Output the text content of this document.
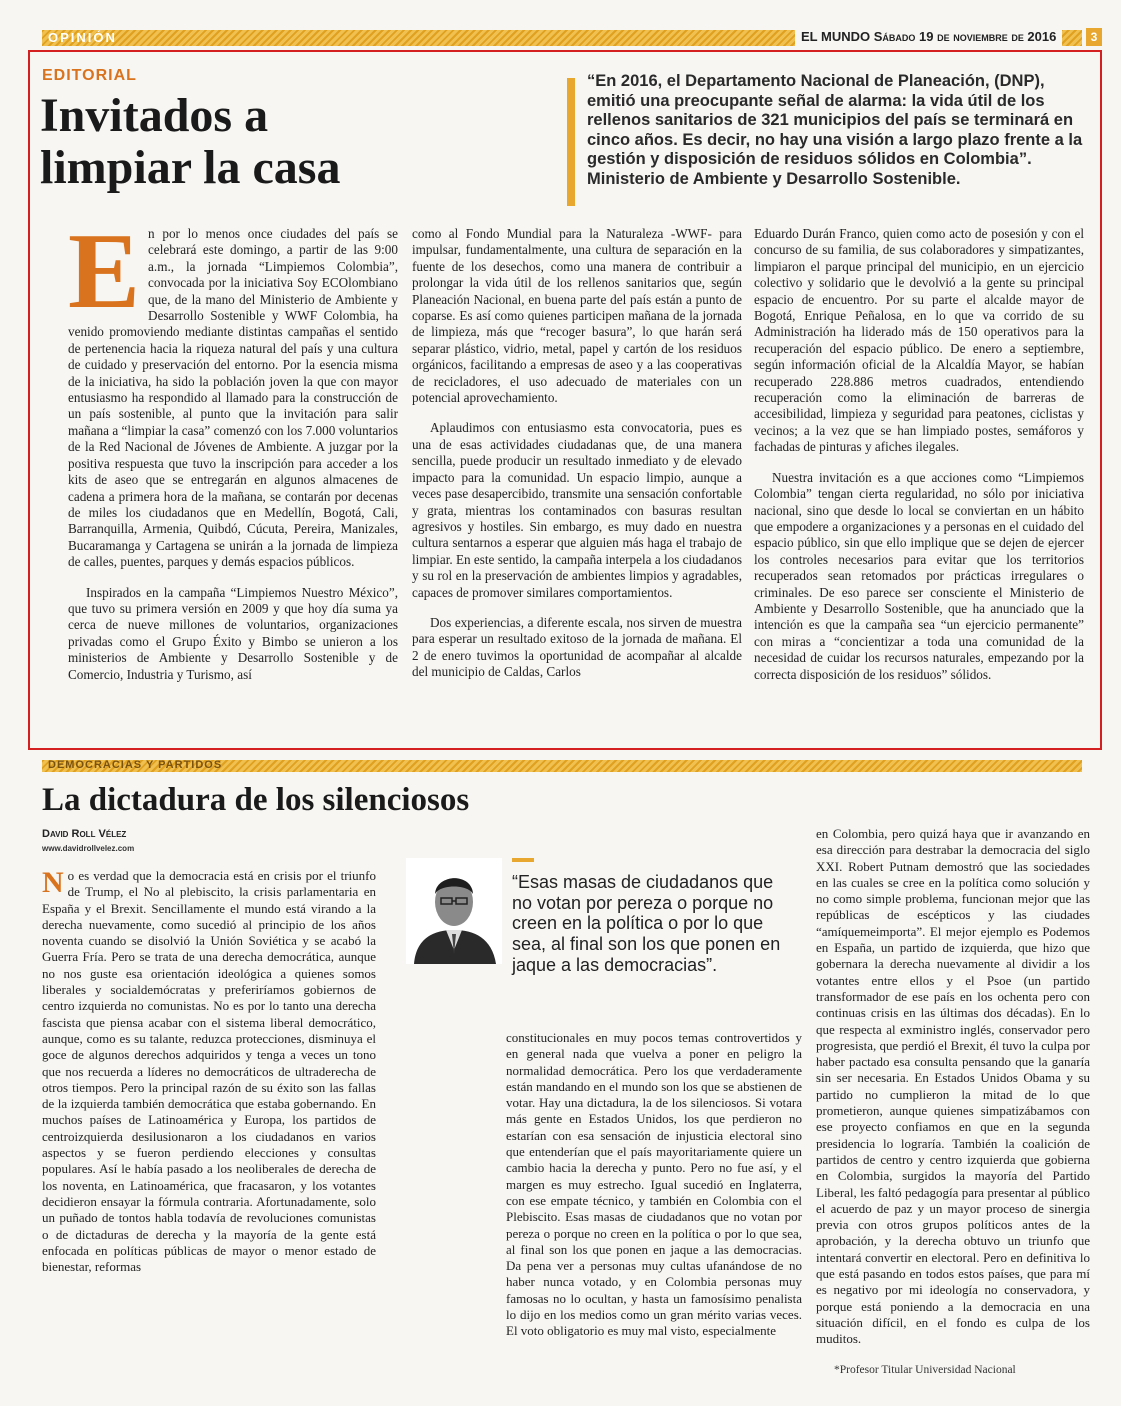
OPINIÓN	EL MUNDO Sábado 19 de noviembre de 2016	3
EDITORIAL
Invitados a
limpiar la casa
“En 2016, el Departamento Nacional de Planeación, (DNP), emitió una preocupante señal de alarma: la vida útil de los rellenos sanitarios de 321 municipios del país se terminará en cinco años. Es decir, no hay una visión a largo plazo frente a la gestión y disposición de residuos sólidos en Colombia”. Ministerio de Ambiente y Desarrollo Sostenible.

En por lo menos once ciudades del país se celebrará este domingo, a partir de las 9:00 a.m., la jornada “Limpiemos Colombia”, convocada por la iniciativa Soy ECOlombiano que, de la mano del Ministerio de Ambiente y Desarrollo Sostenible y WWF Colombia, ha venido promoviendo mediante distintas campañas el sentido de pertenencia hacia la riqueza natural del país y una cultura de cuidado y preservación del entorno. Por la esencia misma de la iniciativa, ha sido la población joven la que con mayor entusiasmo ha respondido al llamado para la construcción de un país sostenible, al punto que la invitación para salir mañana a “limpiar la casa” comenzó con los 7.000 voluntarios de la Red Nacional de Jóvenes de Ambiente. A juzgar por la positiva respuesta que tuvo la inscripción para acceder a los kits de aseo que se entregarán en algunos almacenes de cadena a primera hora de la mañana, se contarán por decenas de miles los ciudadanos que en Medellín, Bogotá, Cali, Barranquilla, Armenia, Quibdó, Cúcuta, Pereira, Manizales, Bucaramanga y Cartagena se unirán a la jornada de limpieza de calles, puentes, parques y demás espacios públicos.

Inspirados en la campaña “Limpiemos Nuestro México”, que tuvo su primera versión en 2009 y que hoy día suma ya cerca de nueve millones de voluntarios, organizaciones privadas como el Grupo Éxito y Bimbo se unieron a los ministerios de Ambiente y Desarrollo Sostenible y de Comercio, Industria y Turismo, así

como al Fondo Mundial para la Naturaleza -WWF- para impulsar, fundamentalmente, una cultura de separación en la fuente de los desechos, como una manera de contribuir a prolongar la vida útil de los rellenos sanitarios que, según Planeación Nacional, en buena parte del país están a punto de coparse. Es así como quienes participen mañana de la jornada de limpieza, más que “recoger basura”, lo que harán será separar plástico, vidrio, metal, papel y cartón de los residuos orgánicos, facilitando a empresas de aseo y a las cooperativas de recicladores, el uso adecuado de materiales con un potencial aprovechamiento.

Aplaudimos con entusiasmo esta convocatoria, pues es una de esas actividades ciudadanas que, de una manera sencilla, puede producir un resultado inmediato y de elevado impacto para la comunidad. Un espacio limpio, aunque a veces pase desapercibido, transmite una sensación confortable y grata, mientras los contaminados con basuras resultan agresivos y hostiles. Sin embargo, es muy dado en nuestra cultura sentarnos a esperar que alguien más haga el trabajo de limpiar. En este sentido, la campaña interpela a los ciudadanos y su rol en la preservación de ambientes limpios y agradables, capaces de promover similares comportamientos.

Dos experiencias, a diferente escala, nos sirven de muestra para esperar un resultado exitoso de la jornada de mañana. El 2 de enero tuvimos la oportunidad de acompañar al alcalde del municipio de Caldas, Carlos

Eduardo Durán Franco, quien como acto de posesión y con el concurso de su familia, de sus colaboradores y simpatizantes, limpiaron el parque principal del municipio, en un ejercicio colectivo y solidario que le devolvió a la gente su principal espacio de encuentro. Por su parte el alcalde mayor de Bogotá, Enrique Peñalosa, en lo que va corrido de su Administración ha liderado más de 150 operativos para la recuperación del espacio público. De enero a septiembre, según información oficial de la Alcaldía Mayor, se habían recuperado 228.886 metros cuadrados, entendiendo recuperación como la eliminación de barreras de accesibilidad, limpieza y seguridad para peatones, ciclistas y vecinos; a la vez que se han limpiado postes, semáforos y fachadas de pinturas y afiches ilegales.

Nuestra invitación es a que acciones como “Limpiemos Colombia” tengan cierta regularidad, no sólo por iniciativa nacional, sino que desde lo local se conviertan en un hábito que empodere a organizaciones y a personas en el cuidado del espacio público, sin que ello implique que se dejen de ejercer los controles necesarios para evitar que los territorios recuperados sean retomados por prácticas irregulares o criminales. De eso parece ser consciente el Ministerio de Ambiente y Desarrollo Sostenible, que ha anunciado que la intención es que la campaña sea “un ejercicio permanente” con miras a “concientizar a toda una comunidad de la necesidad de cuidar los recursos naturales, empezando por la correcta disposición de los residuos” sólidos.

DEMOCRACIAS Y PARTIDOS
La dictadura de los silenciosos
David Roll Vélez
www.davidrollvelez.com

No es verdad que la democracia está en crisis por el triunfo de Trump, el No al plebiscito, la crisis parlamentaria en España y el Brexit. Sencillamente el mundo está virando a la derecha nuevamente, como sucedió al principio de los años noventa cuando se disolvió la Unión Soviética y se acabó la Guerra Fría. Pero se trata de una derecha democrática, aunque no nos guste esa orientación ideológica a quienes somos liberales y socialdemócratas y preferiríamos gobiernos de centro izquierda no comunistas. No es por lo tanto una derecha fascista que piensa acabar con el sistema liberal democrático, aunque, como es su talante, reduzca protecciones, disminuya el goce de algunos derechos adquiridos y tenga a veces un tono que nos recuerda a líderes no democráticos de ultraderecha de otros tiempos. Pero la principal razón de su éxito son las fallas de la izquierda también democrática que estaba gobernando. En muchos países de Latinoamérica y Europa, los partidos de centroizquierda desilusionaron a los ciudadanos en varios aspectos y se fueron perdiendo elecciones y consultas populares. Así le había pasado a los neoliberales de derecha de los noventa, en Latinoamérica, que fracasaron, y los votantes decidieron ensayar la fórmula contraria. Afortunadamente, solo un puñado de tontos habla todavía de revoluciones comunistas o de dictaduras de derecha y la mayoría de la gente está enfocada en políticas públicas de mayor o menor estado de bienestar, reformas

“Esas masas de ciudadanos que no votan por pereza o porque no creen en la política o por lo que sea, al final son los que ponen en jaque a las democracias”.

constitucionales en muy pocos temas controvertidos y en general nada que vuelva a poner en peligro la normalidad democrática. Pero los que verdaderamente están mandando en el mundo son los que se abstienen de votar. Hay una dictadura, la de los silenciosos. Si votara más gente en Estados Unidos, los que perdieron no estarían con esa sensación de injusticia electoral sino que entenderían que el país mayoritariamente quiere un cambio hacia la derecha y punto. Pero no fue así, y el margen es muy estrecho. Igual sucedió en Inglaterra, con ese empate técnico, y también en Colombia con el Plebiscito. Esas masas de ciudadanos que no votan por pereza o porque no creen en la política o por lo que sea, al final son los que ponen en jaque a las democracias. Da pena ver a personas muy cultas ufanándose de no haber nunca votado, y en Colombia personas muy famosas no lo ocultan, y hasta un famosísimo penalista lo dijo en los medios como un gran mérito varias veces. El voto obligatorio es muy mal visto, especialmente

en Colombia, pero quizá haya que ir avanzando en esa dirección para destrabar la democracia del siglo XXI. Robert Putnam demostró que las sociedades en las cuales se cree en la política como solución y no como simple problema, funcionan mejor que las repúblicas de escépticos y las ciudades “amíquemeimporta”. El mejor ejemplo es Podemos en España, un partido de izquierda, que hizo que gobernara la derecha nuevamente al dividir a los votantes entre ellos y el Psoe (un partido transformador de ese país en los ochenta pero con continuas crisis en las últimas dos décadas). En lo que respecta al exministro inglés, conservador pero progresista, que perdió el Brexit, él tuvo la culpa por haber pactado esa consulta pensando que la ganaría sin ser necesaria. En Estados Unidos Obama y su partido no cumplieron la mitad de lo que prometieron, aunque quienes simpatizábamos con ese proyecto confiamos en que en la segunda presidencia lo lograría. También la coalición de partidos de centro y centro izquierda que gobierna en Colombia, surgidos la mayoría del Partido Liberal, les faltó pedagogía para presentar al público el acuerdo de paz y un mayor proceso de sinergia previa con otros grupos políticos antes de la aprobación, y la derecha obtuvo un triunfo que intentará convertir en electoral. Pero en definitiva lo que está pasando en todos estos países, que para mí es negativo por mi ideología no conservadora, y porque está poniendo a la democracia en una situación difícil, en el fondo es culpa de los muditos.

*Profesor Titular Universidad Nacional
